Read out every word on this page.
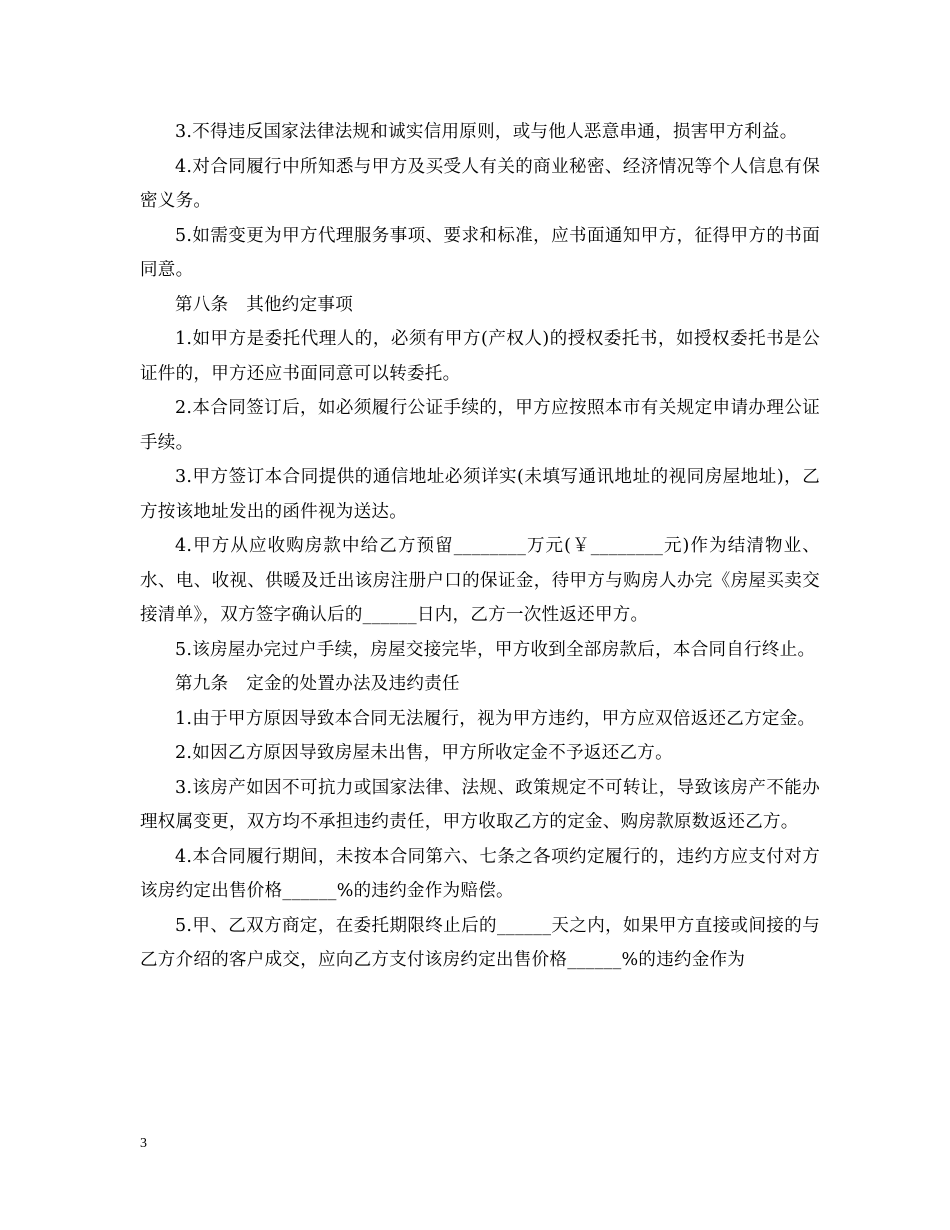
3.不得违反国家法律法规和诚实信用原则，或与他人恶意串通，损害甲方利益。

4.对合同履行中所知悉与甲方及买受人有关的商业秘密、经济情况等个人信息有保密义务。

5.如需变更为甲方代理服务事项、要求和标准，应书面通知甲方，征得甲方的书面同意。

第八条　其他约定事项

1.如甲方是委托代理人的，必须有甲方(产权人)的授权委托书，如授权委托书是公证件的，甲方还应书面同意可以转委托。

2.本合同签订后，如必须履行公证手续的，甲方应按照本市有关规定申请办理公证手续。

3.甲方签订本合同提供的通信地址必须详实(未填写通讯地址的视同房屋地址)，乙方按该地址发出的函件视为送达。

4.甲方从应收购房款中给乙方预留________万元(￥________元)作为结清物业、水、电、收视、供暖及迁出该房注册户口的保证金，待甲方与购房人办完《房屋买卖交接清单》，双方签字确认后的______日内，乙方一次性返还甲方。

5.该房屋办完过户手续，房屋交接完毕，甲方收到全部房款后，本合同自行终止。

第九条　定金的处置办法及违约责任

1.由于甲方原因导致本合同无法履行，视为甲方违约，甲方应双倍返还乙方定金。

2.如因乙方原因导致房屋未出售，甲方所收定金不予返还乙方。

3.该房产如因不可抗力或国家法律、法规、政策规定不可转让，导致该房产不能办理权属变更，双方均不承担违约责任，甲方收取乙方的定金、购房款原数返还乙方。

4.本合同履行期间，未按本合同第六、七条之各项约定履行的，违约方应支付对方该房约定出售价格______%的违约金作为赔偿。

5.甲、乙双方商定，在委托期限终止后的______天之内，如果甲方直接或间接的与乙方介绍的客户成交，应向乙方支付该房约定出售价格______%的违约金作为

3
